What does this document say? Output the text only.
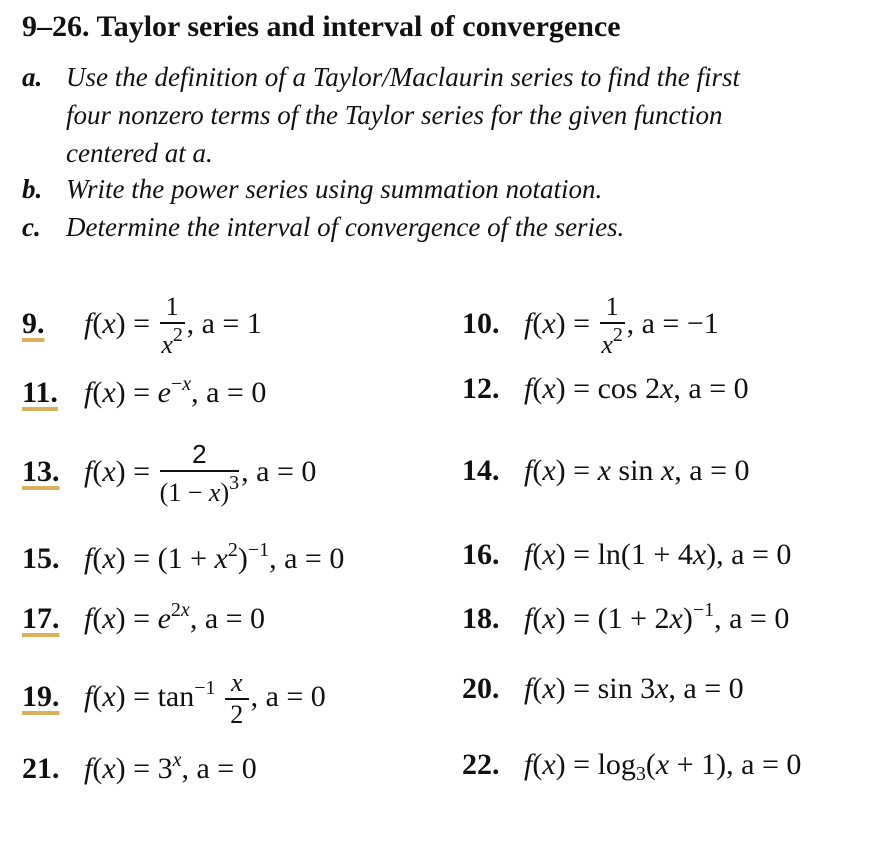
9–26. Taylor series and interval of convergence
a. Use the definition of a Taylor/Maclaurin series to find the first
four nonzero terms of the Taylor series for the given function
centered at a.
b. Write the power series using summation notation.
c. Determine the interval of convergence of the series.
9. $f(x) = \frac{1}{x^2}$ , a = 1	10. $f(x) = \frac{1}{x^2}$ , a = −1
11. $f(x) = e^{-x}$, a = 0	12. f(x) = cos 2x, a = 0
13. $f(x) = \frac{2}{(1 - x)^3}$ , a = 0	14. f(x) = x sin x, a = 0
15. $f(x) = (1 + x^2)^{-1}$, a = 0	16. f(x) = ln(1 + 4x), a = 0
17. $f(x) = e^{2x}$, a = 0	18. $f(x) = (1 + 2x)^{-1}$, a = 0
19. $f(x) = \tan^{-1} \frac{x}{2}$ , a = 0	20. f(x) = sin 3x, a = 0
21. $f(x) = 3^x$, a = 0	22. $f(x) = \log_3(x + 1)$, a = 0
